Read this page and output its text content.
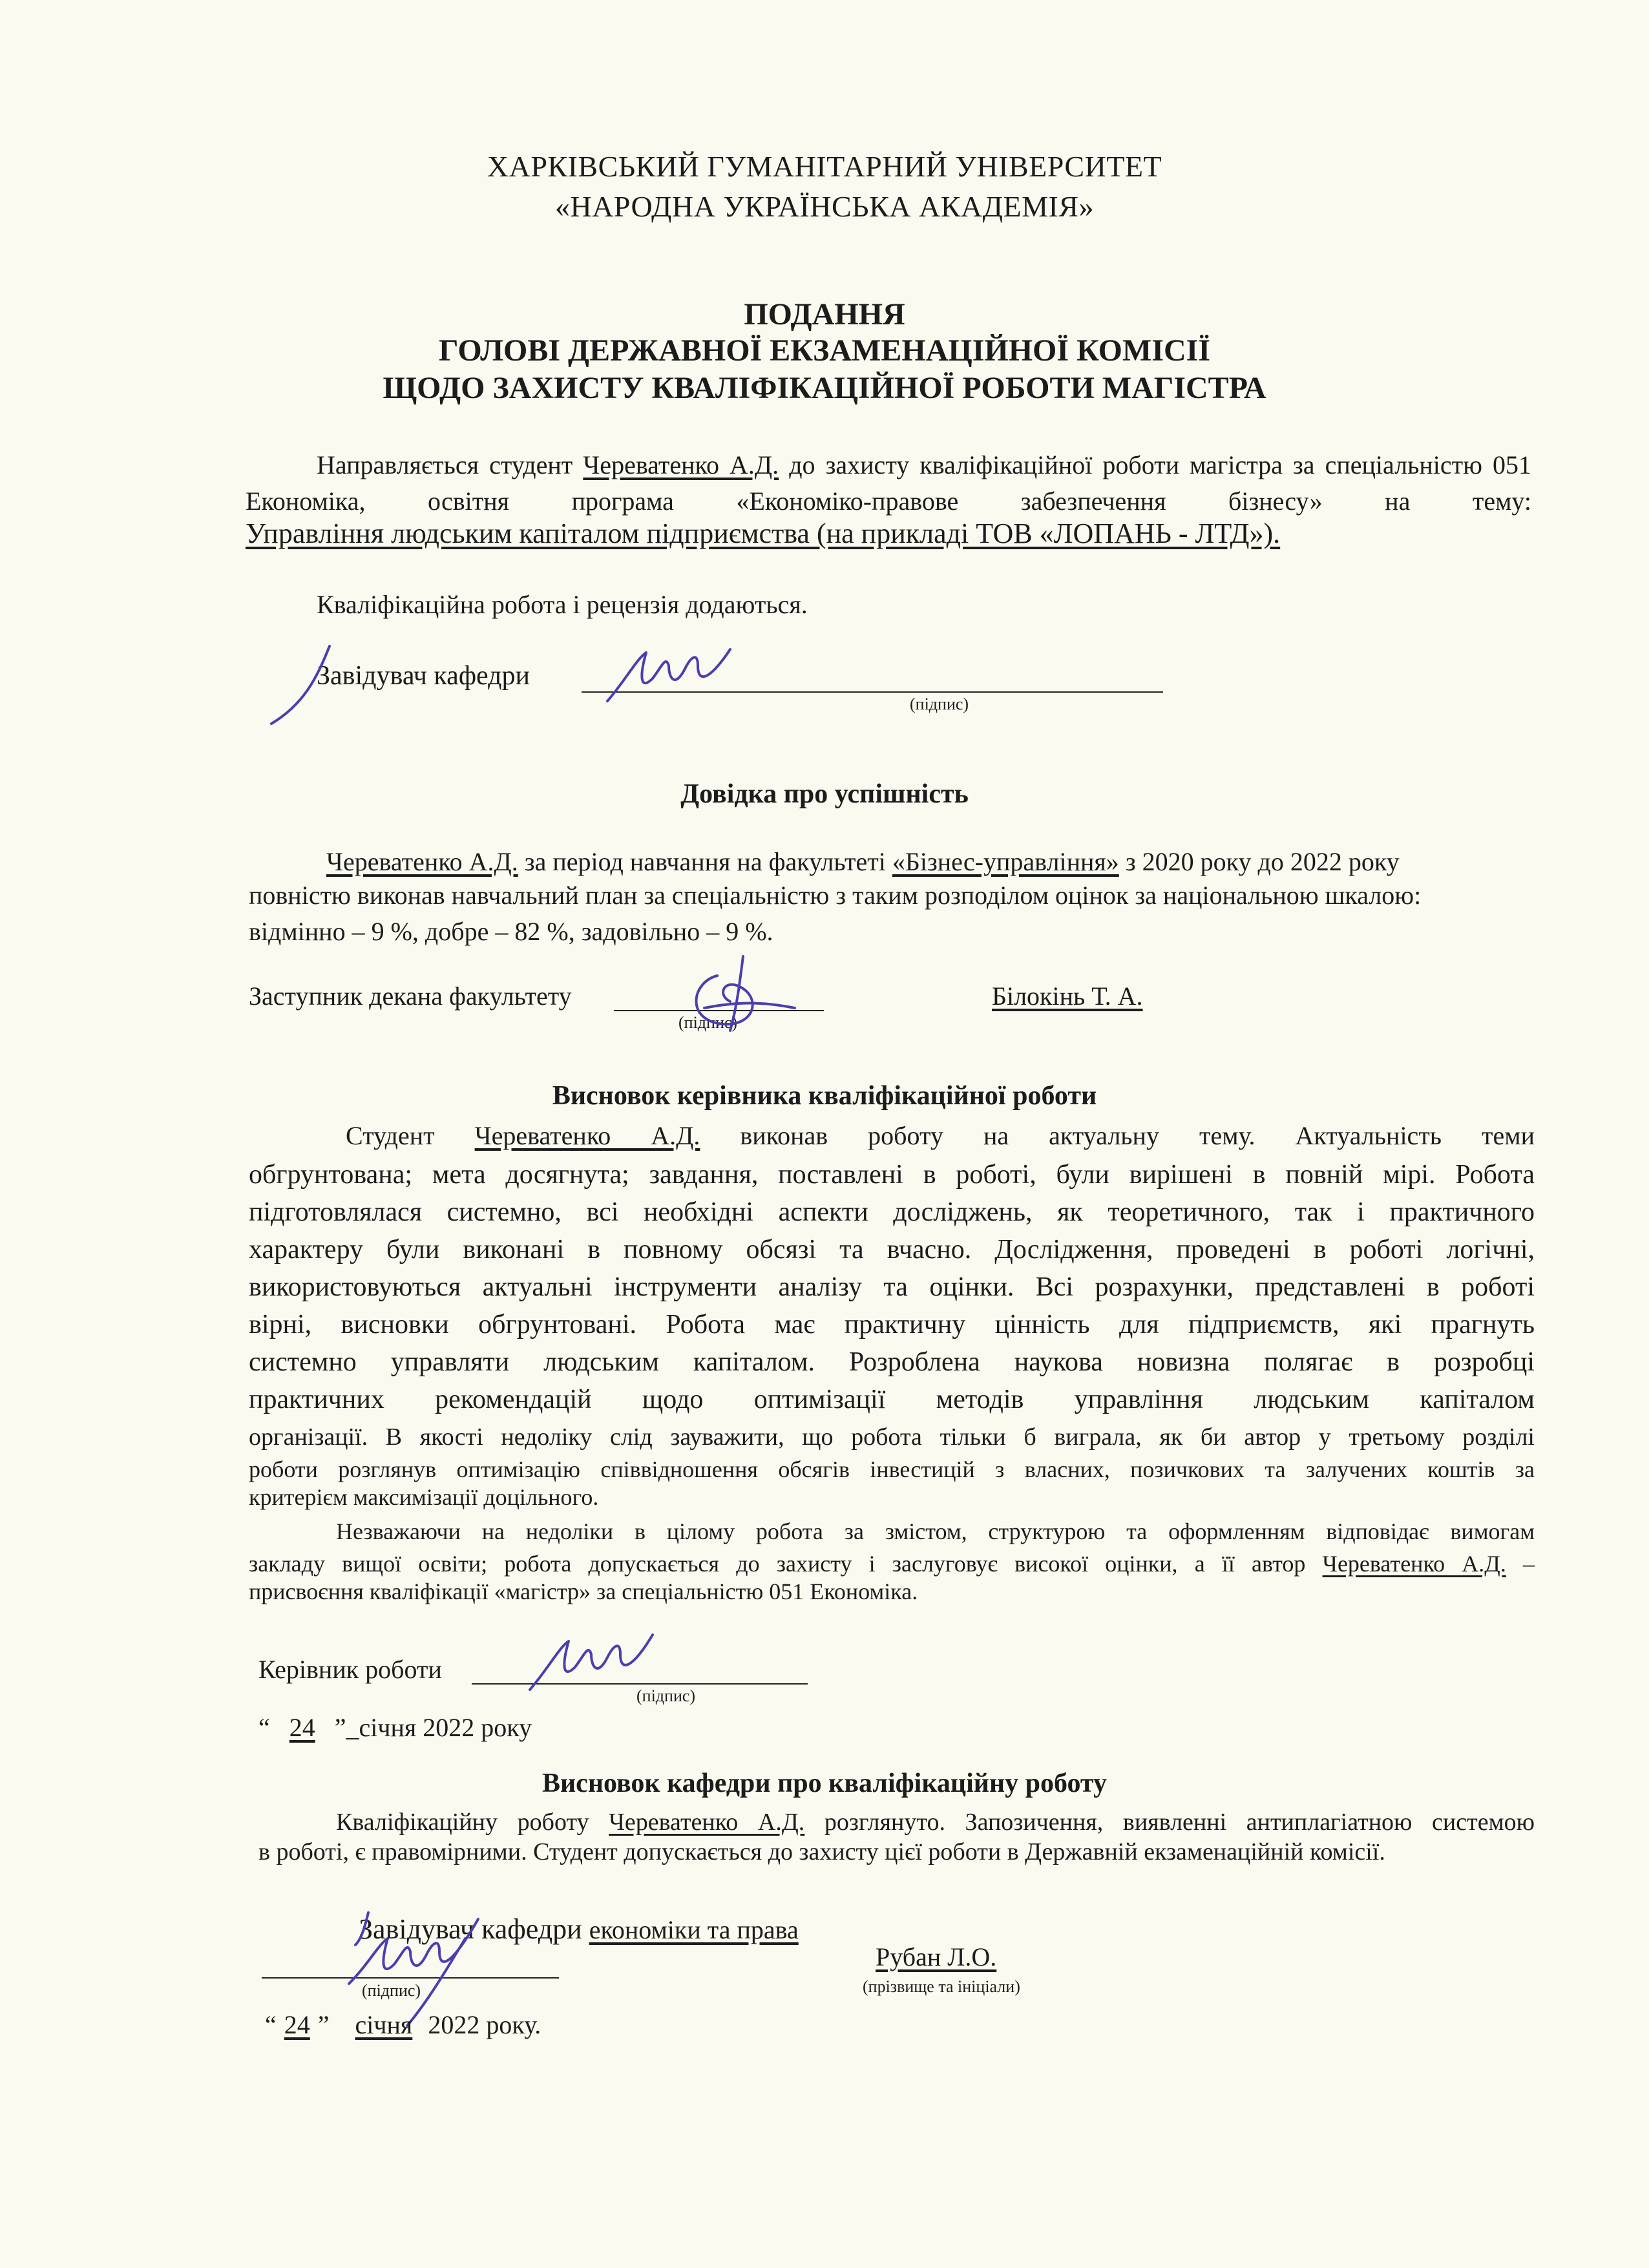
ХАРКІВСЬКИЙ ГУМАНІТАРНИЙ УНІВЕРСИТЕТ
«НАРОДНА УКРАЇНСЬКА АКАДЕМІЯ»
ПОДАННЯ
ГОЛОВІ ДЕРЖАВНОЇ ЕКЗАМЕНАЦІЙНОЇ КОМІСІЇ
ЩОДО ЗАХИСТУ КВАЛІФІКАЦІЙНОЇ РОБОТИ МАГІСТРА
Направляється студент Череватенко А.Д. до захисту кваліфікаційної роботи магістра за спеціальністю 051 Економіка, освітня програма «Економіко-правове забезпечення бізнесу» на тему:
Управління людським капіталом підприємства (на прикладі ТОВ «ЛОПАНЬ - ЛТД»).
Кваліфікаційна робота і рецензія додаються.
Завідувач кафедри
(підпис)
Довідка про успішність
Череватенко А.Д. за період навчання на факультеті «Бізнес-управління» з 2020 року до 2022 року
повністю виконав навчальний план за спеціальністю з таким розподілом оцінок за національною шкалою:
відмінно – 9 %, добре – 82 %, задовільно – 9 %.
Заступник декана факультету
(підпис)
Білокінь Т. А.
Висновок керівника кваліфікаційної роботи
Студент Череватенко А.Д. виконав роботу на актуальну тему. Актуальність теми
обгрунтована; мета досягнута; завдання, поставлені в роботі, були вирішені в повній мірі. Робота
підготовлялася системно, всі необхідні аспекти досліджень, як теоретичного, так і практичного
характеру були виконані в повному обсязі та вчасно. Дослідження, проведені в роботі логічні,
використовуються актуальні інструменти аналізу та оцінки. Всі розрахунки, представлені в роботі
вірні, висновки обгрунтовані. Робота має практичну цінність для підприємств, які прагнуть
системно управляти людським капіталом. Розроблена наукова новизна полягає в розробці
практичних рекомендацій щодо оптимізації методів управління людським капіталом
організації. В якості недоліку слід зауважити, що робота тільки б виграла, як би автор у третьому розділі
роботи розглянув оптимізацію співвідношення обсягів інвестицій з власних, позичкових та залучених коштів за
критерієм максимізації доцільного.
Незважаючи на недоліки в цілому робота за змістом, структурою та оформленням відповідає вимогам
закладу вищої освіти; робота допускається до захисту і заслуговує високої оцінки, а її автор Череватенко А.Д. –
присвоєння кваліфікації «магістр» за спеціальністю 051 Економіка.
Керівник роботи
(підпис)
“ 24 ”_січня 2022 року
Висновок кафедри про кваліфікаційну роботу
Кваліфікаційну роботу Череватенко А.Д. розглянуто. Запозичення, виявленні антиплагіатною системою
в роботі, є правомірними. Студент допускається до захисту цієї роботи в Державній екзаменаційній комісії.
Завідувач кафедри економіки та права
(підпис)
Рубан Л.О.
(прізвище та ініціали)
“ 24 ” січня 2022 року.
